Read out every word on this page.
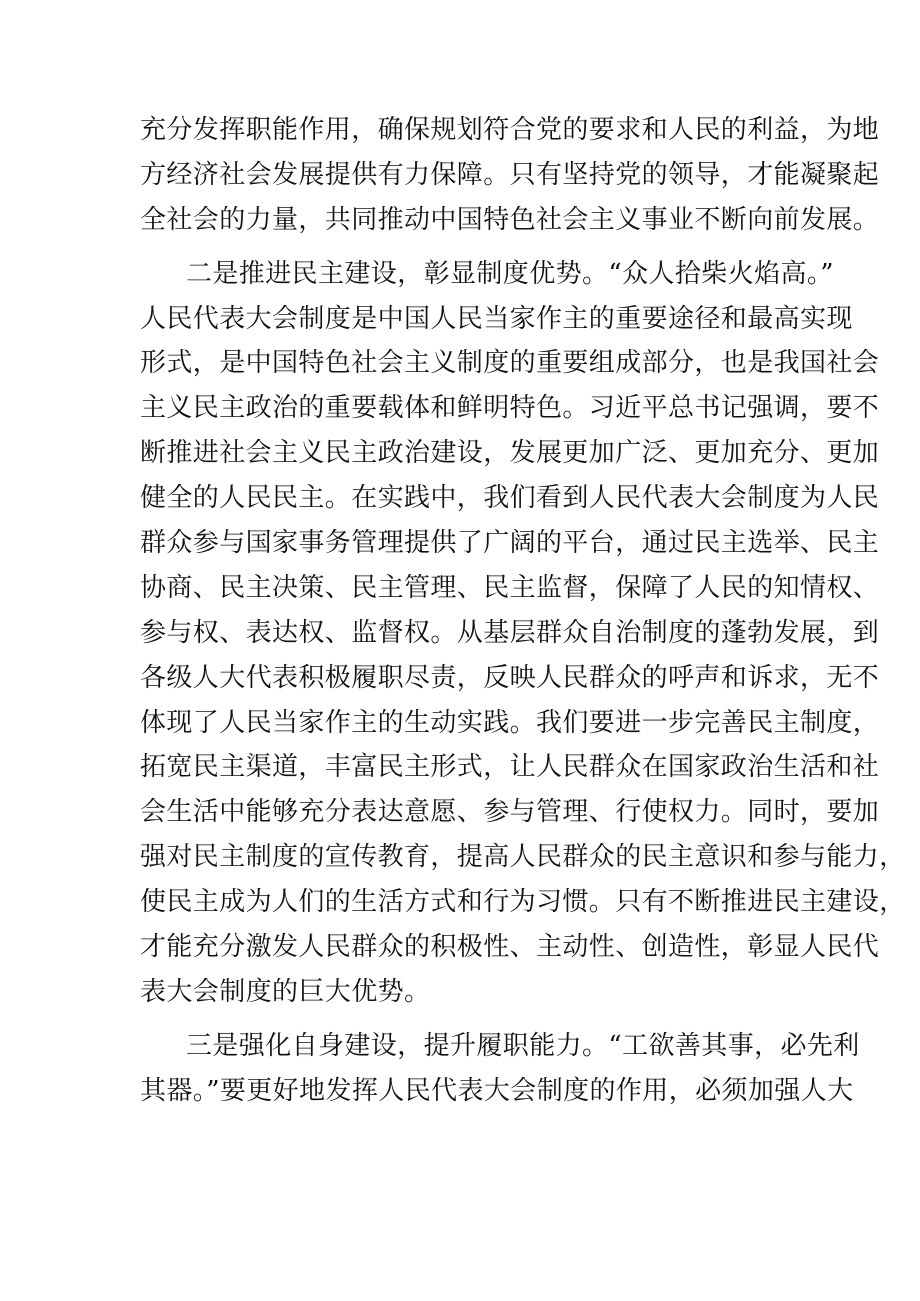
充分发挥职能作用，确保规划符合党的要求和人民的利益，为地
方经济社会发展提供有力保障。只有坚持党的领导，才能凝聚起
全社会的力量，共同推动中国特色社会主义事业不断向前发展。
二是推进民主建设，彰显制度优势。“众人拾柴火焰高。”
人民代表大会制度是中国人民当家作主的重要途径和最高实现
形式，是中国特色社会主义制度的重要组成部分，也是我国社会
主义民主政治的重要载体和鲜明特色。习近平总书记强调，要不
断推进社会主义民主政治建设，发展更加广泛、更加充分、更加
健全的人民民主。在实践中，我们看到人民代表大会制度为人民
群众参与国家事务管理提供了广阔的平台，通过民主选举、民主
协商、民主决策、民主管理、民主监督，保障了人民的知情权、
参与权、表达权、监督权。从基层群众自治制度的蓬勃发展，到
各级人大代表积极履职尽责，反映人民群众的呼声和诉求，无不
体现了人民当家作主的生动实践。我们要进一步完善民主制度，
拓宽民主渠道，丰富民主形式，让人民群众在国家政治生活和社
会生活中能够充分表达意愿、参与管理、行使权力。同时，要加
强对民主制度的宣传教育，提高人民群众的民主意识和参与能力，
使民主成为人们的生活方式和行为习惯。只有不断推进民主建设，
才能充分激发人民群众的积极性、主动性、创造性，彰显人民代
表大会制度的巨大优势。
三是强化自身建设，提升履职能力。“工欲善其事，必先利
其器。”要更好地发挥人民代表大会制度的作用，必须加强人大
